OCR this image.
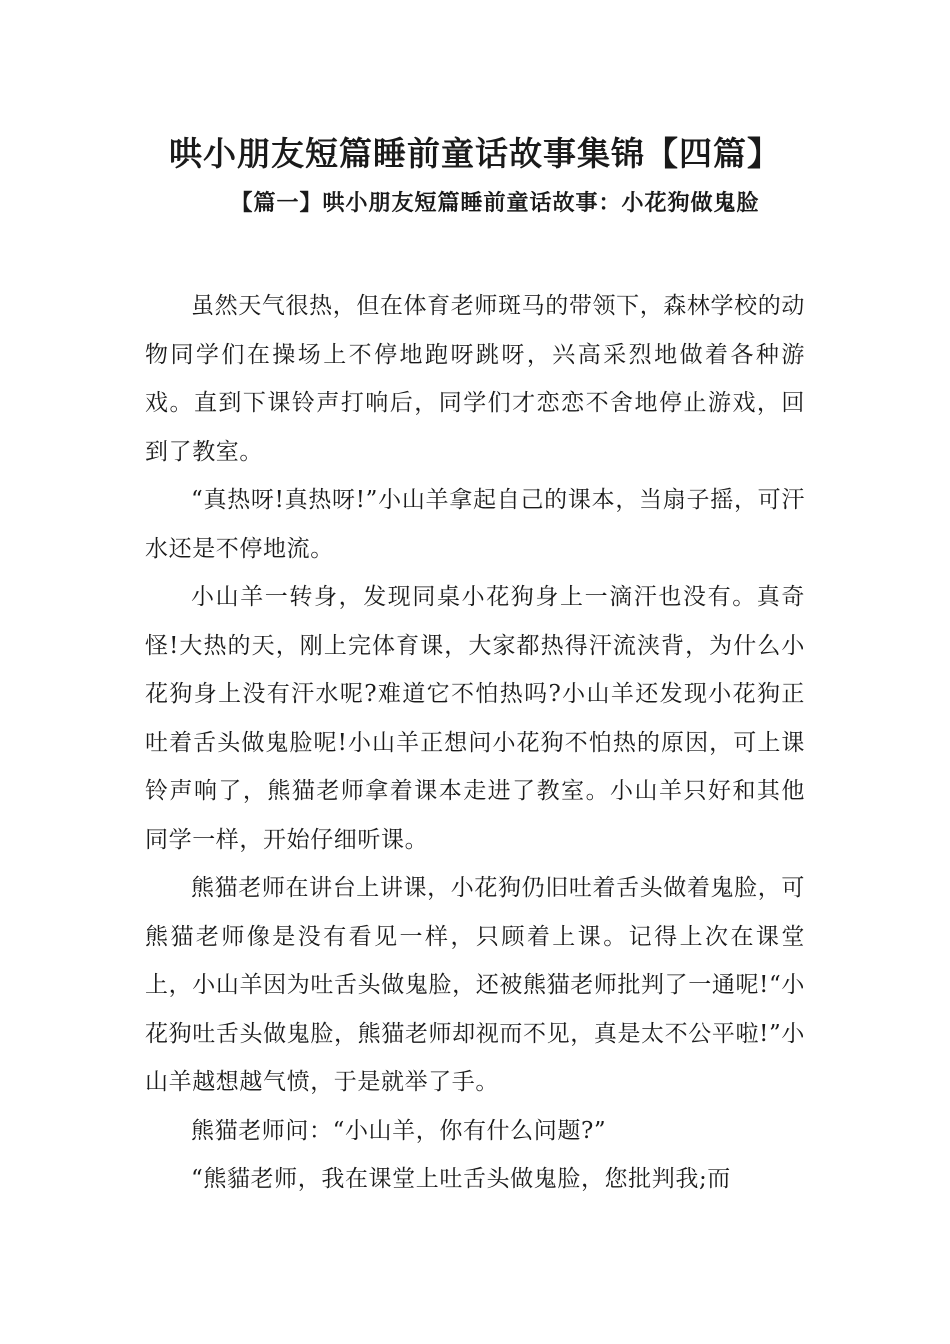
哄小朋友短篇睡前童话故事集锦【四篇】
【篇一】哄小朋友短篇睡前童话故事：小花狗做鬼脸

虽然天气很热，但在体育老师斑马的带领下，森林学校的动物同学们在操场上不停地跑呀跳呀，兴高采烈地做着各种游戏。直到下课铃声打响后，同学们才恋恋不舍地停止游戏，回到了教室。

“真热呀!真热呀!”小山羊拿起自己的课本，当扇子摇，可汗水还是不停地流。

小山羊一转身，发现同桌小花狗身上一滴汗也没有。真奇怪!大热的天，刚上完体育课，大家都热得汗流浃背，为什么小花狗身上没有汗水呢?难道它不怕热吗?小山羊还发现小花狗正吐着舌头做鬼脸呢!小山羊正想问小花狗不怕热的原因，可上课铃声响了，熊猫老师拿着课本走进了教室。小山羊只好和其他同学一样，开始仔细听课。

熊猫老师在讲台上讲课，小花狗仍旧吐着舌头做着鬼脸，可熊猫老师像是没有看见一样，只顾着上课。记得上次在课堂上，小山羊因为吐舌头做鬼脸，还被熊猫老师批判了一通呢!“小花狗吐舌头做鬼脸，熊猫老师却视而不见，真是太不公平啦!”小山羊越想越气愤，于是就举了手。

熊猫老师问：“小山羊，你有什么问题?”

“熊貓老师，我在课堂上吐舌头做鬼脸，您批判我;而
